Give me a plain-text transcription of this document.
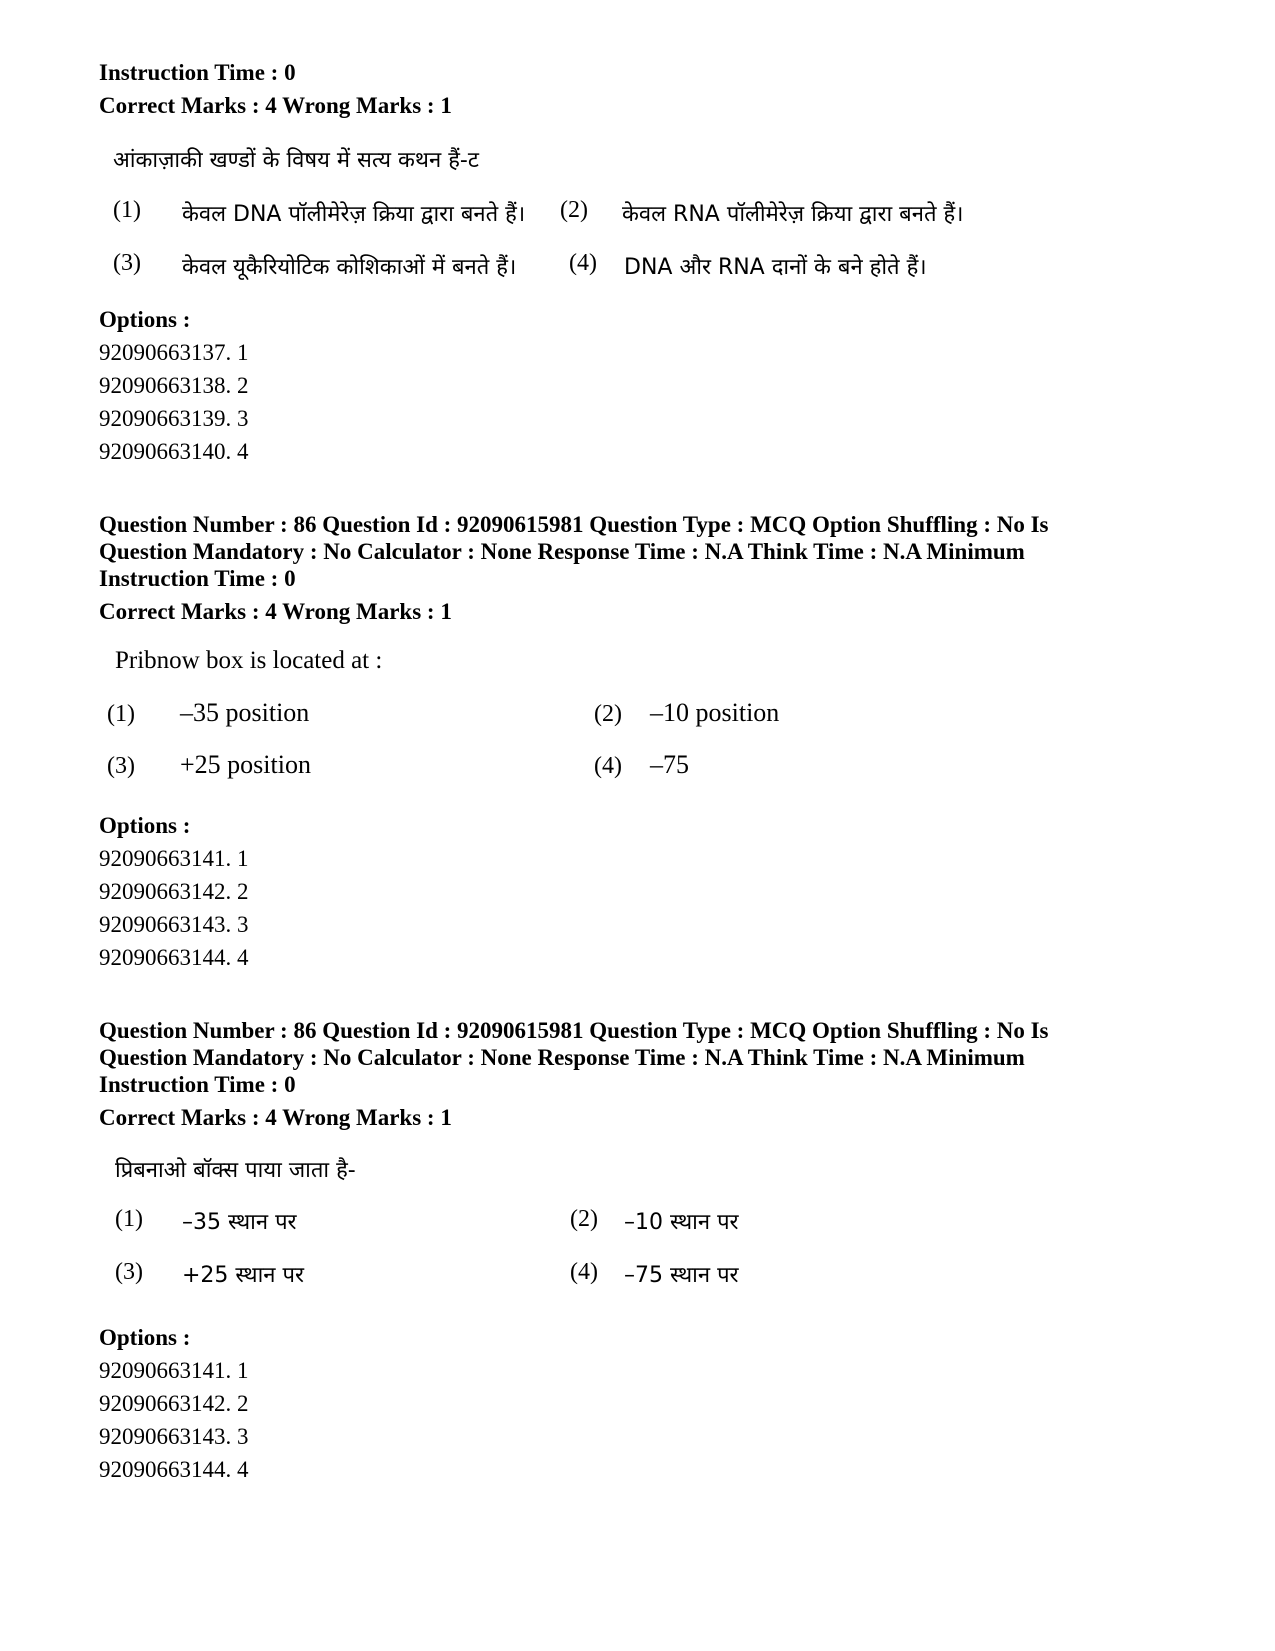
Instruction Time : 0
Correct Marks : 4 Wrong Marks : 1
आंकाज़ाकी खण्डों के विषय में सत्य कथन हैं-ट
(1) केवल DNA पॉलीमेरेज़ क्रिया द्वारा बनते हैं। (2) केवल RNA पॉलीमेरेज़ क्रिया द्वारा बनते हैं।
(3) केवल यूकैरियोटिक कोशिकाओं में बनते हैं। (4) DNA और RNA दानों के बने होते हैं।
Options :
92090663137. 1
92090663138. 2
92090663139. 3
92090663140. 4
Question Number : 86 Question Id : 92090615981 Question Type : MCQ Option Shuffling : No Is
Question Mandatory : No Calculator : None Response Time : N.A Think Time : N.A Minimum
Instruction Time : 0
Correct Marks : 4 Wrong Marks : 1
Pribnow box is located at :
(1) –35 position	(2) –10 position
(3) +25 position	(4) –75
Options :
92090663141. 1
92090663142. 2
92090663143. 3
92090663144. 4
Question Number : 86 Question Id : 92090615981 Question Type : MCQ Option Shuffling : No Is
Question Mandatory : No Calculator : None Response Time : N.A Think Time : N.A Minimum
Instruction Time : 0
Correct Marks : 4 Wrong Marks : 1
प्रिबनाओ बॉक्स पाया जाता है-
(1) –35 स्थान पर	(2) –10 स्थान पर
(3) +25 स्थान पर	(4) –75 स्थान पर
Options :
92090663141. 1
92090663142. 2
92090663143. 3
92090663144. 4
